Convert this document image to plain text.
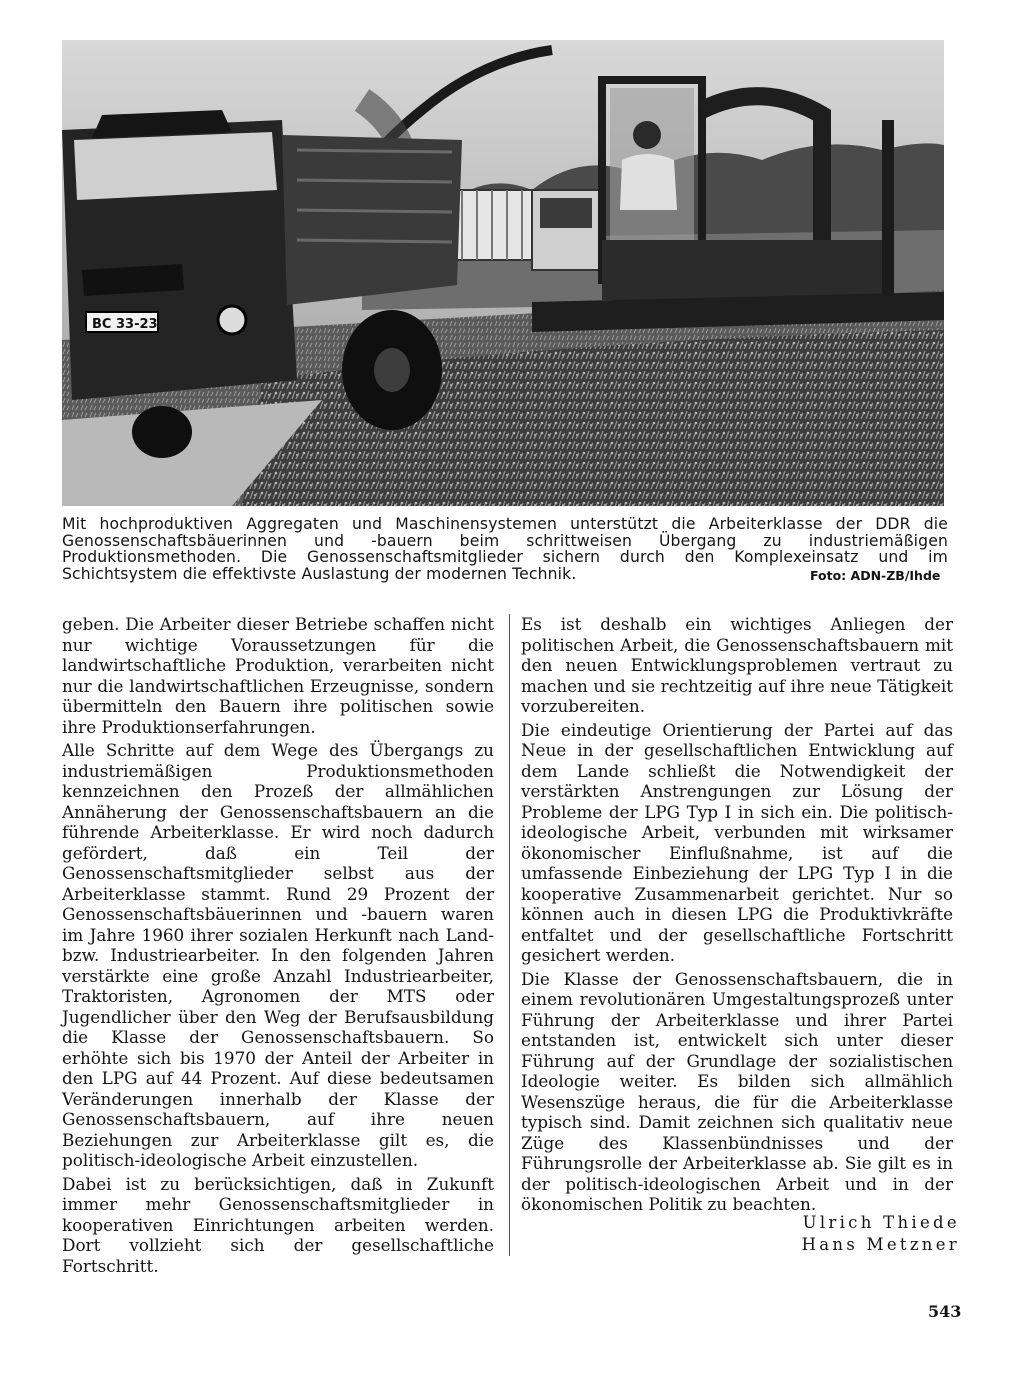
BC 33-23

Mit hochproduktiven Aggregaten und Maschinensystemen unterstützt die Arbeiterklasse der DDR die Genossenschaftsbäuerinnen und -bauern beim schrittweisen Übergang zu industriemäßigen Produktionsmethoden. Die Genossenschaftsmitglieder sichern durch den Komplexeinsatz und im Schichtsystem die effektivste Auslastung der modernen Technik.	Foto: ADN-ZB/Ihde

geben. Die Arbeiter dieser Betriebe schaffen nicht nur wichtige Voraussetzungen für die landwirtschaftliche Produktion, verarbeiten nicht nur die landwirtschaftlichen Erzeugnisse, sondern übermitteln den Bauern ihre politischen sowie ihre Produktionserfahrungen.

Alle Schritte auf dem Wege des Übergangs zu industriemäßigen Produktionsmethoden kennzeichnen den Prozeß der allmählichen Annäherung der Genossenschaftsbauern an die führende Arbeiterklasse. Er wird noch dadurch gefördert, daß ein Teil der Genossenschaftsmitglieder selbst aus der Arbeiterklasse stammt. Rund 29 Prozent der Genossenschaftsbäuerinnen und -bauern waren im Jahre 1960 ihrer sozialen Herkunft nach Land- bzw. Industriearbeiter. In den folgenden Jahren verstärkte eine große Anzahl Industriearbeiter, Traktoristen, Agronomen der MTS oder Jugendlicher über den Weg der Berufsausbildung die Klasse der Genossenschaftsbauern. So erhöhte sich bis 1970 der Anteil der Arbeiter in den LPG auf 44 Prozent. Auf diese bedeutsamen Veränderungen innerhalb der Klasse der Genossenschaftsbauern, auf ihre neuen Beziehungen zur Arbeiterklasse gilt es, die politisch-ideologische Arbeit einzustellen.

Dabei ist zu berücksichtigen, daß in Zukunft immer mehr Genossenschaftsmitglieder in kooperativen Einrichtungen arbeiten werden. Dort vollzieht sich der gesellschaftliche Fortschritt.

Es ist deshalb ein wichtiges Anliegen der politischen Arbeit, die Genossenschaftsbauern mit den neuen Entwicklungsproblemen vertraut zu machen und sie rechtzeitig auf ihre neue Tätigkeit vorzubereiten.

Die eindeutige Orientierung der Partei auf das Neue in der gesellschaftlichen Entwicklung auf dem Lande schließt die Notwendigkeit der verstärkten Anstrengungen zur Lösung der Probleme der LPG Typ I in sich ein. Die politisch-ideologische Arbeit, verbunden mit wirksamer ökonomischer Einflußnahme, ist auf die umfassende Einbeziehung der LPG Typ I in die kooperative Zusammenarbeit gerichtet. Nur so können auch in diesen LPG die Produktivkräfte entfaltet und der gesellschaftliche Fortschritt gesichert werden.

Die Klasse der Genossenschaftsbauern, die in einem revolutionären Umgestaltungsprozeß unter Führung der Arbeiterklasse und ihrer Partei entstanden ist, entwickelt sich unter dieser Führung auf der Grundlage der sozialistischen Ideologie weiter. Es bilden sich allmählich Wesenszüge heraus, die für die Arbeiterklasse typisch sind. Damit zeichnen sich qualitativ neue Züge des Klassenbündnisses und der Führungsrolle der Arbeiterklasse ab. Sie gilt es in der politisch-ideologischen Arbeit und in der ökonomischen Politik zu beachten.

Ulrich Thiede
Hans Metzner
543
